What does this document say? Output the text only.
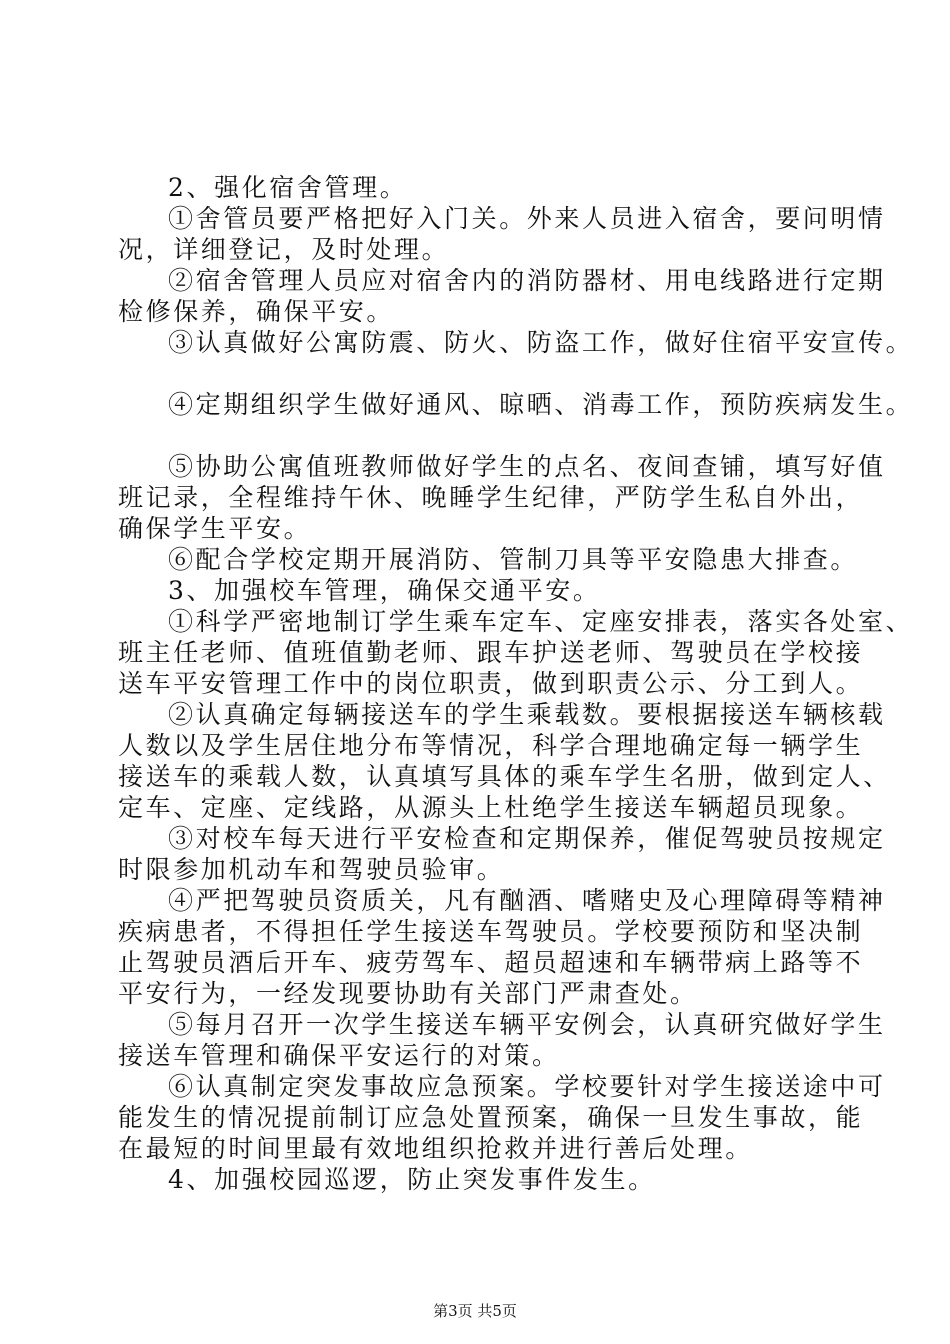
2、强化宿舍管理。
①舍管员要严格把好入门关。外来人员进入宿舍，要问明情
况，详细登记，及时处理。
②宿舍管理人员应对宿舍内的消防器材、用电线路进行定期
检修保养，确保平安。
③认真做好公寓防震、防火、防盗工作，做好住宿平安宣传。
④定期组织学生做好通风、晾晒、消毒工作，预防疾病发生。
⑤协助公寓值班教师做好学生的点名、夜间查铺，填写好值
班记录，全程维持午休、晚睡学生纪律，严防学生私自外出，
确保学生平安。
⑥配合学校定期开展消防、管制刀具等平安隐患大排查。
3、加强校车管理，确保交通平安。
①科学严密地制订学生乘车定车、定座安排表，落实各处室、
班主任老师、值班值勤老师、跟车护送老师、驾驶员在学校接
送车平安管理工作中的岗位职责，做到职责公示、分工到人。
②认真确定每辆接送车的学生乘载数。要根据接送车辆核载
人数以及学生居住地分布等情况，科学合理地确定每一辆学生
接送车的乘载人数，认真填写具体的乘车学生名册，做到定人、
定车、定座、定线路，从源头上杜绝学生接送车辆超员现象。
③对校车每天进行平安检查和定期保养，催促驾驶员按规定
时限参加机动车和驾驶员验审。
④严把驾驶员资质关，凡有酗酒、嗜赌史及心理障碍等精神
疾病患者，不得担任学生接送车驾驶员。学校要预防和坚决制
止驾驶员酒后开车、疲劳驾车、超员超速和车辆带病上路等不
平安行为，一经发现要协助有关部门严肃查处。
⑤每月召开一次学生接送车辆平安例会，认真研究做好学生
接送车管理和确保平安运行的对策。
⑥认真制定突发事故应急预案。学校要针对学生接送途中可
能发生的情况提前制订应急处置预案，确保一旦发生事故，能
在最短的时间里最有效地组织抢救并进行善后处理。
4、加强校园巡逻，防止突发事件发生。
第3页 共5页
